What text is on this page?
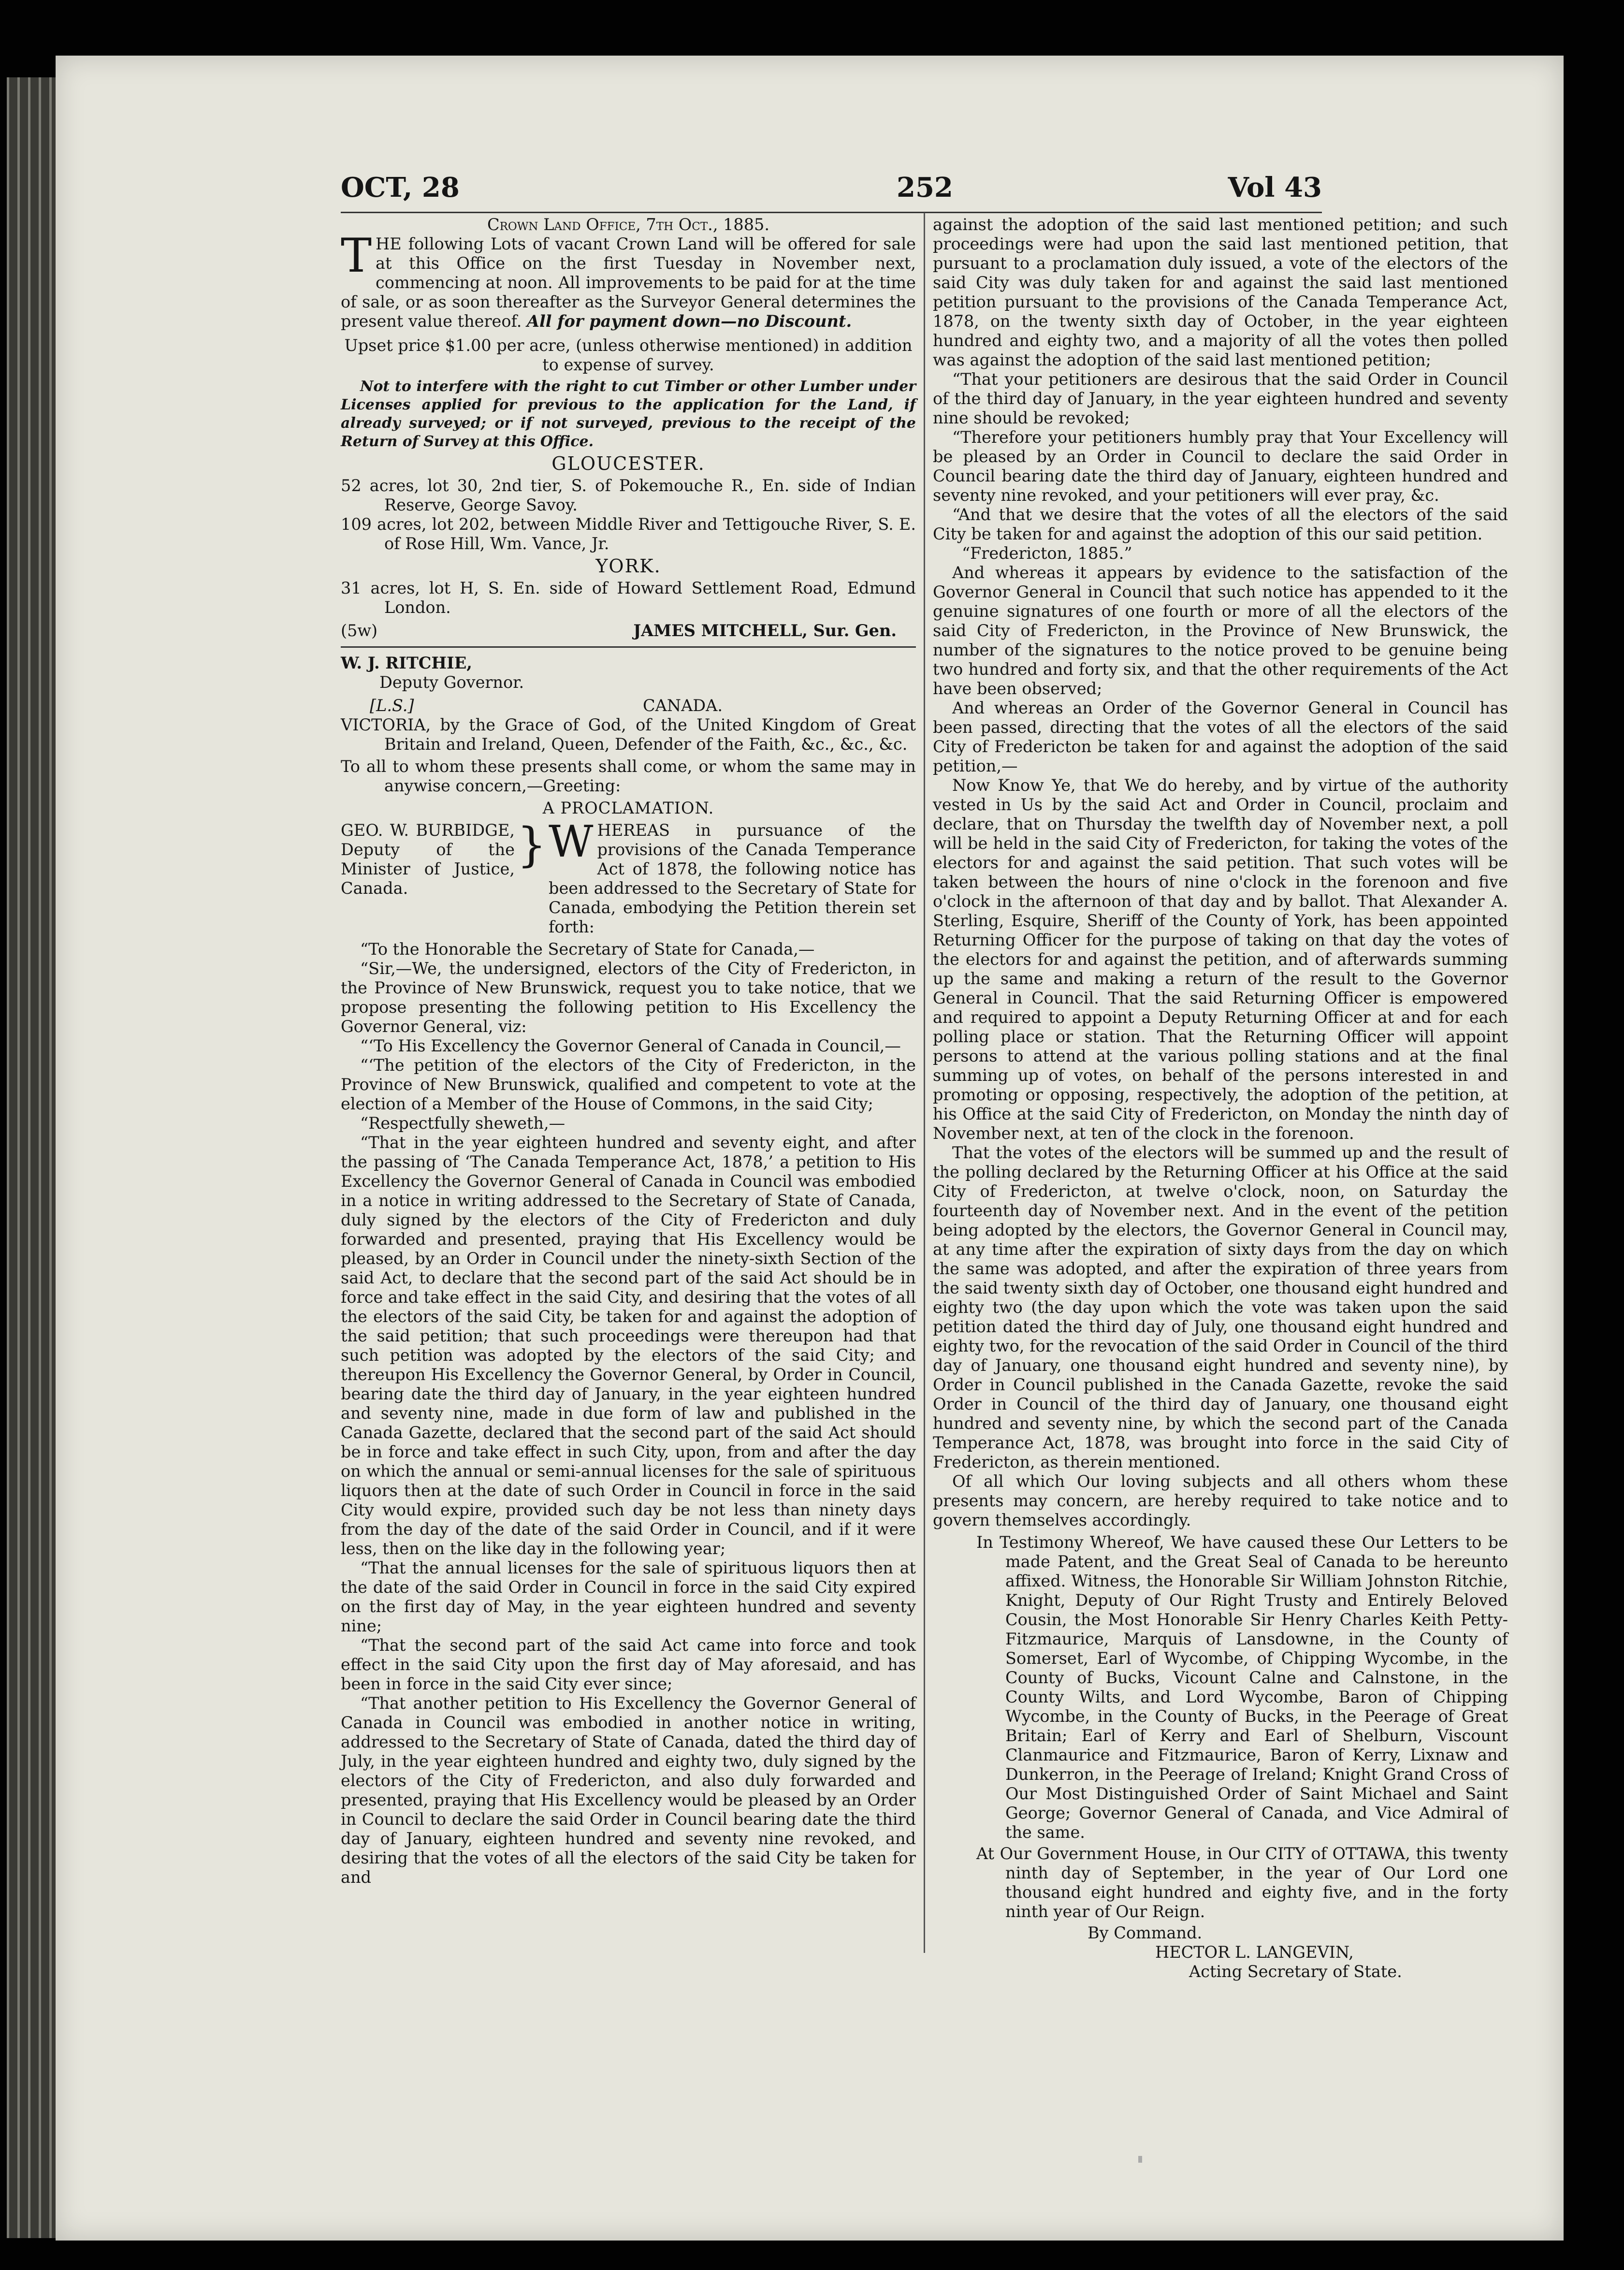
OCT, 28	252	Vol 43

Crown Land Office, 7th Oct., 1885.

THE following Lots of vacant Crown Land will be offered for sale at this Office on the first Tuesday in November next, commencing at noon. All improvements to be paid for at the time of sale, or as soon thereafter as the Surveyor General determines the present value thereof. All for payment down—no Discount.

Upset price $1.00 per acre, (unless otherwise mentioned) in addition to expense of survey.

Not to interfere with the right to cut Timber or other Lumber under Licenses applied for previous to the application for the Land, if already surveyed; or if not surveyed, previous to the receipt of the Return of Survey at this Office.

GLOUCESTER.

52 acres, lot 30, 2nd tier, S. of Pokemouche R., En. side of Indian Reserve, George Savoy.

109 acres, lot 202, between Middle River and Tettigouche River, S. E. of Rose Hill, Wm. Vance, Jr.

YORK.

31 acres, lot H, S. En. side of Howard Settlement Road, Edmund London.

(5w)	JAMES MITCHELL, Sur. Gen.

W. J. RITCHIE,

Deputy Governor.

[L.S.]	CANADA.

VICTORIA, by the Grace of God, of the United Kingdom of Great Britain and Ireland, Queen, Defender of the Faith, &c., &c., &c.

To all to whom these presents shall come, or whom the same may in anywise concern,—Greeting:

A PROCLAMATION.

GEO. W. BURBIDGE, Deputy of the Minister of Justice, Canada.
} WHEREAS in pursuance of the provisions of the Canada Temperance Act of 1878, the following notice has been addressed to the Secretary of State for Canada, embodying the Petition therein set forth:

“To the Honorable the Secretary of State for Canada,—

“Sir,—We, the undersigned, electors of the City of Fredericton, in the Province of New Brunswick, request you to take notice, that we propose presenting the following petition to His Excellency the Governor General, viz:

“‘To His Excellency the Governor General of Canada in Council,—

“‘The petition of the electors of the City of Fredericton, in the Province of New Brunswick, qualified and competent to vote at the election of a Member of the House of Commons, in the said City;

“Respectfully sheweth,—

“That in the year eighteen hundred and seventy eight, and after the passing of ‘The Canada Temperance Act, 1878,’ a petition to His Excellency the Governor General of Canada in Council was embodied in a notice in writing addressed to the Secretary of State of Canada, duly signed by the electors of the City of Fredericton and duly forwarded and presented, praying that His Excellency would be pleased, by an Order in Council under the ninety-sixth Section of the said Act, to declare that the second part of the said Act should be in force and take effect in the said City, and desiring that the votes of all the electors of the said City, be taken for and against the adoption of the said petition; that such proceedings were thereupon had that such petition was adopted by the electors of the said City; and thereupon His Excellency the Governor General, by Order in Council, bearing date the third day of January, in the year eighteen hundred and seventy nine, made in due form of law and published in the Canada Gazette, declared that the second part of the said Act should be in force and take effect in such City, upon, from and after the day on which the annual or semi-annual licenses for the sale of spirituous liquors then at the date of such Order in Council in force in the said City would expire, provided such day be not less than ninety days from the day of the date of the said Order in Council, and if it were less, then on the like day in the following year;

“That the annual licenses for the sale of spirituous liquors then at the date of the said Order in Council in force in the said City expired on the first day of May, in the year eighteen hundred and seventy nine;

“That the second part of the said Act came into force and took effect in the said City upon the first day of May aforesaid, and has been in force in the said City ever since;

“That another petition to His Excellency the Governor General of Canada in Council was embodied in another notice in writing, addressed to the Secretary of State of Canada, dated the third day of July, in the year eighteen hundred and eighty two, duly signed by the electors of the City of Fredericton, and also duly forwarded and presented, praying that His Excellency would be pleased by an Order in Council to declare the said Order in Council bearing date the third day of January, eighteen hundred and seventy nine revoked, and desiring that the votes of all the electors of the said City be taken for and

against the adoption of the said last mentioned petition; and such proceedings were had upon the said last mentioned petition, that pursuant to a proclamation duly issued, a vote of the electors of the said City was duly taken for and against the said last mentioned petition pursuant to the provisions of the Canada Temperance Act, 1878, on the twenty sixth day of October, in the year eighteen hundred and eighty two, and a majority of all the votes then polled was against the adoption of the said last mentioned petition;

“That your petitioners are desirous that the said Order in Council of the third day of January, in the year eighteen hundred and seventy nine should be revoked;

“Therefore your petitioners humbly pray that Your Excellency will be pleased by an Order in Council to declare the said Order in Council bearing date the third day of January, eighteen hundred and seventy nine revoked, and your petitioners will ever pray, &c.

“And that we desire that the votes of all the electors of the said City be taken for and against the adoption of this our said petition.

“Fredericton, 1885.”

And whereas it appears by evidence to the satisfaction of the Governor General in Council that such notice has appended to it the genuine signatures of one fourth or more of all the electors of the said City of Fredericton, in the Province of New Brunswick, the number of the signatures to the notice proved to be genuine being two hundred and forty six, and that the other requirements of the Act have been observed;

And whereas an Order of the Governor General in Council has been passed, directing that the votes of all the electors of the said City of Fredericton be taken for and against the adoption of the said petition,—

Now Know Ye, that We do hereby, and by virtue of the authority vested in Us by the said Act and Order in Council, proclaim and declare, that on Thursday the twelfth day of November next, a poll will be held in the said City of Fredericton, for taking the votes of the electors for and against the said petition. That such votes will be taken between the hours of nine o'clock in the forenoon and five o'clock in the afternoon of that day and by ballot. That Alexander A. Sterling, Esquire, Sheriff of the County of York, has been appointed Returning Officer for the purpose of taking on that day the votes of the electors for and against the petition, and of afterwards summing up the same and making a return of the result to the Governor General in Council. That the said Returning Officer is empowered and required to appoint a Deputy Returning Officer at and for each polling place or station. That the Returning Officer will appoint persons to attend at the various polling stations and at the final summing up of votes, on behalf of the persons interested in and promoting or opposing, respectively, the adoption of the petition, at his Office at the said City of Fredericton, on Monday the ninth day of November next, at ten of the clock in the forenoon.

That the votes of the electors will be summed up and the result of the polling declared by the Returning Officer at his Office at the said City of Fredericton, at twelve o'clock, noon, on Saturday the fourteenth day of November next. And in the event of the petition being adopted by the electors, the Governor General in Council may, at any time after the expiration of sixty days from the day on which the same was adopted, and after the expiration of three years from the said twenty sixth day of October, one thousand eight hundred and eighty two (the day upon which the vote was taken upon the said petition dated the third day of July, one thousand eight hundred and eighty two, for the revocation of the said Order in Council of the third day of January, one thousand eight hundred and seventy nine), by Order in Council published in the Canada Gazette, revoke the said Order in Council of the third day of January, one thousand eight hundred and seventy nine, by which the second part of the Canada Temperance Act, 1878, was brought into force in the said City of Fredericton, as therein mentioned.

Of all which Our loving subjects and all others whom these presents may concern, are hereby required to take notice and to govern themselves accordingly.

In Testimony Whereof, We have caused these Our Letters to be made Patent, and the Great Seal of Canada to be hereunto affixed. Witness, the Honorable Sir William Johnston Ritchie, Knight, Deputy of Our Right Trusty and Entirely Beloved Cousin, the Most Honorable Sir Henry Charles Keith Petty-Fitzmaurice, Marquis of Lansdowne, in the County of Somerset, Earl of Wycombe, of Chipping Wycombe, in the County of Bucks, Vicount Calne and Calnstone, in the County Wilts, and Lord Wycombe, Baron of Chipping Wycombe, in the County of Bucks, in the Peerage of Great Britain; Earl of Kerry and Earl of Shelburn, Viscount Clanmaurice and Fitzmaurice, Baron of Kerry, Lixnaw and Dunkerron, in the Peerage of Ireland; Knight Grand Cross of Our Most Distinguished Order of Saint Michael and Saint George; Governor General of Canada, and Vice Admiral of the same.

At Our Government House, in Our CITY of OTTAWA, this twenty ninth day of September, in the year of Our Lord one thousand eight hundred and eighty five, and in the forty ninth year of Our Reign.

By Command.

HECTOR L. LANGEVIN,

Acting Secretary of State.
